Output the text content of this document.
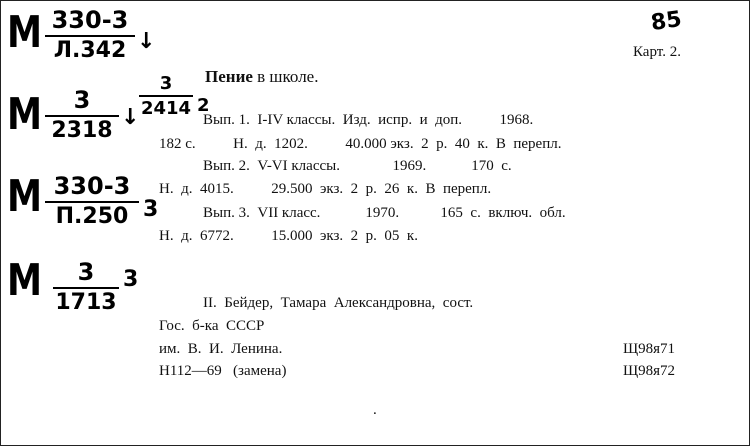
М 330-3
Л.342 ↓
М	3
2318
↓
3
2414 2
М 330-3
П.250 3
М	3
1713
3
85
Карт. 2.
Пение в школе.
Вып. 1.  I-IV классы.  Изд.  испр.  и  доп.          1968.
182 с.          Н.  д.  1202.          40.000 экз.  2  р.  40  к.  В  перепл.
Вып. 2.  V-VI классы.              1969.            170  с.
Н.  д.  4015.          29.500  экз.  2  р.  26  к.  В  перепл.
Вып. 3.  VII класс.            1970.           165  с.  включ.  обл.
Н.  д.  6772.          15.000  экз.  2  р.  05  к.
II.  Бейдер,  Тамара  Александровна,  сост.
Гос.  б-ка  СССР
им.  В.  И.  Ленина.
Н112—69   (замена)
Щ98я71
Щ98я72
.
